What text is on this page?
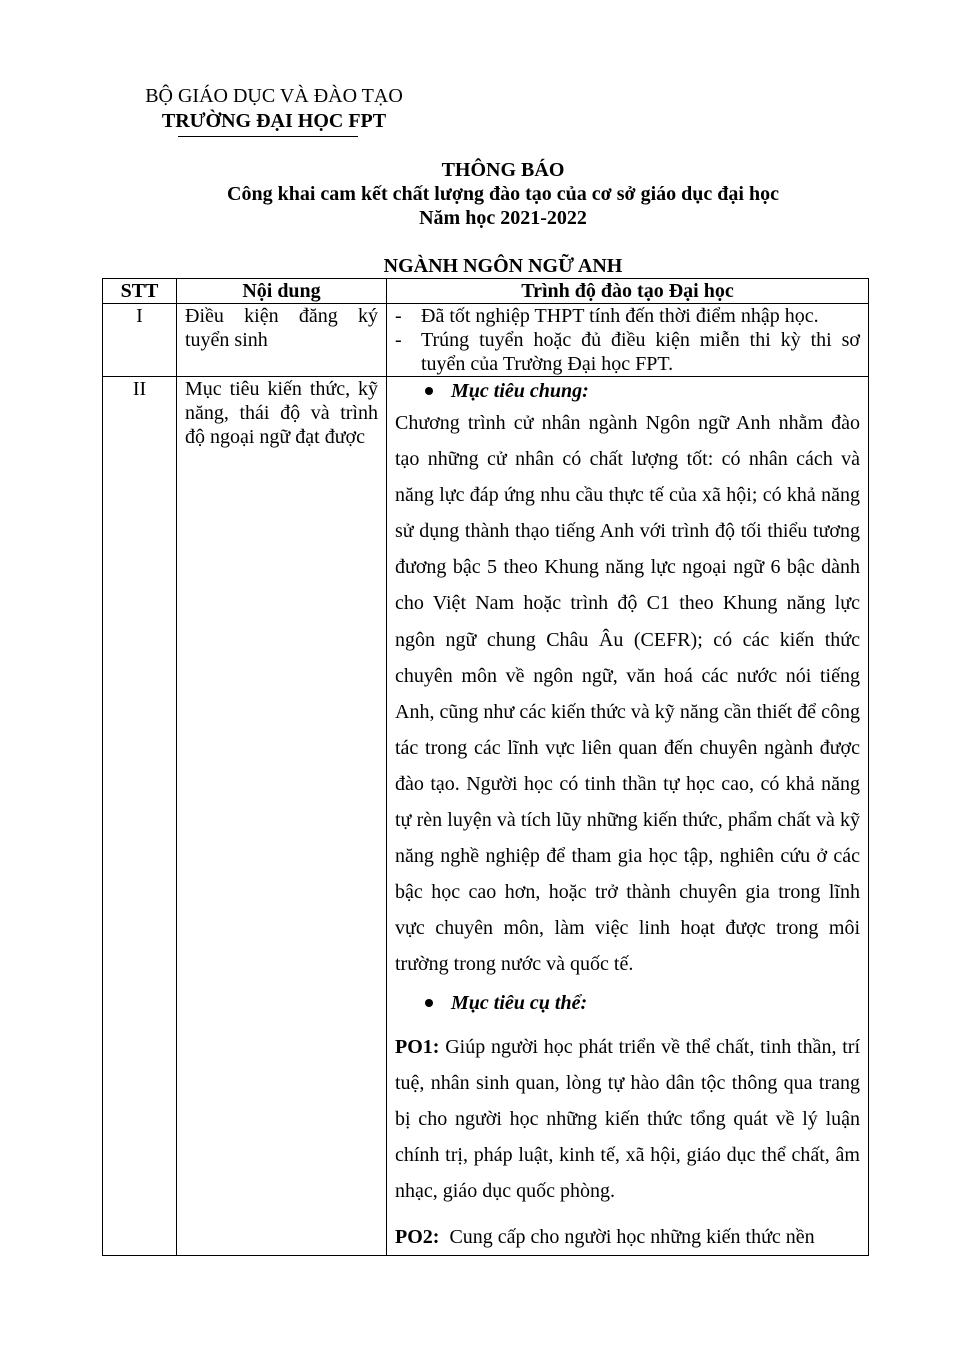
BỘ GIÁO DỤC VÀ ĐÀO TẠO
TRƯỜNG ĐẠI HỌC FPT
THÔNG BÁO
Công khai cam kết chất lượng đào tạo của cơ sở giáo dục đại học
Năm học 2021-2022
NGÀNH NGÔN NGỮ ANH
STT	Nội dung	Trình độ đào tạo Đại học
I	Điều kiện đăng ký tuyển sinh	- Đã tốt nghiệp THPT tính đến thời điểm nhập học.
- Trúng tuyển hoặc đủ điều kiện miễn thi kỳ thi sơ tuyển của Trường Đại học FPT.

II	Mục tiêu kiến thức, kỹ năng, thái độ và trình độ ngoại ngữ đạt được	Mục tiêu chung:

Chương trình cử nhân ngành Ngôn ngữ Anh nhằm đào tạo những cử nhân có chất lượng tốt: có nhân cách và năng lực đáp ứng nhu cầu thực tế của xã hội; có khả năng sử dụng thành thạo tiếng Anh với trình độ tối thiểu tương đương bậc 5 theo Khung năng lực ngoại ngữ 6 bậc dành cho Việt Nam hoặc trình độ C1 theo Khung năng lực ngôn ngữ chung Châu Âu (CEFR); có các kiến thức chuyên môn về ngôn ngữ, văn hoá các nước nói tiếng Anh, cũng như các kiến thức và kỹ năng cần thiết để công tác trong các lĩnh vực liên quan đến chuyên ngành được đào tạo. Người học có tinh thần tự học cao, có khả năng tự rèn luyện và tích lũy những kiến thức, phẩm chất và kỹ năng nghề nghiệp để tham gia học tập, nghiên cứu ở các bậc học cao hơn, hoặc trở thành chuyên gia trong lĩnh vực chuyên môn, làm việc linh hoạt được trong môi trường trong nước và quốc tế.

Mục tiêu cụ thể:

PO1: Giúp người học phát triển về thể chất, tinh thần, trí tuệ, nhân sinh quan, lòng tự hào dân tộc thông qua trang bị cho người học những kiến thức tổng quát về lý luận chính trị, pháp luật, kinh tế, xã hội, giáo dục thể chất, âm nhạc, giáo dục quốc phòng.

PO2: Cung cấp cho người học những kiến thức nền
